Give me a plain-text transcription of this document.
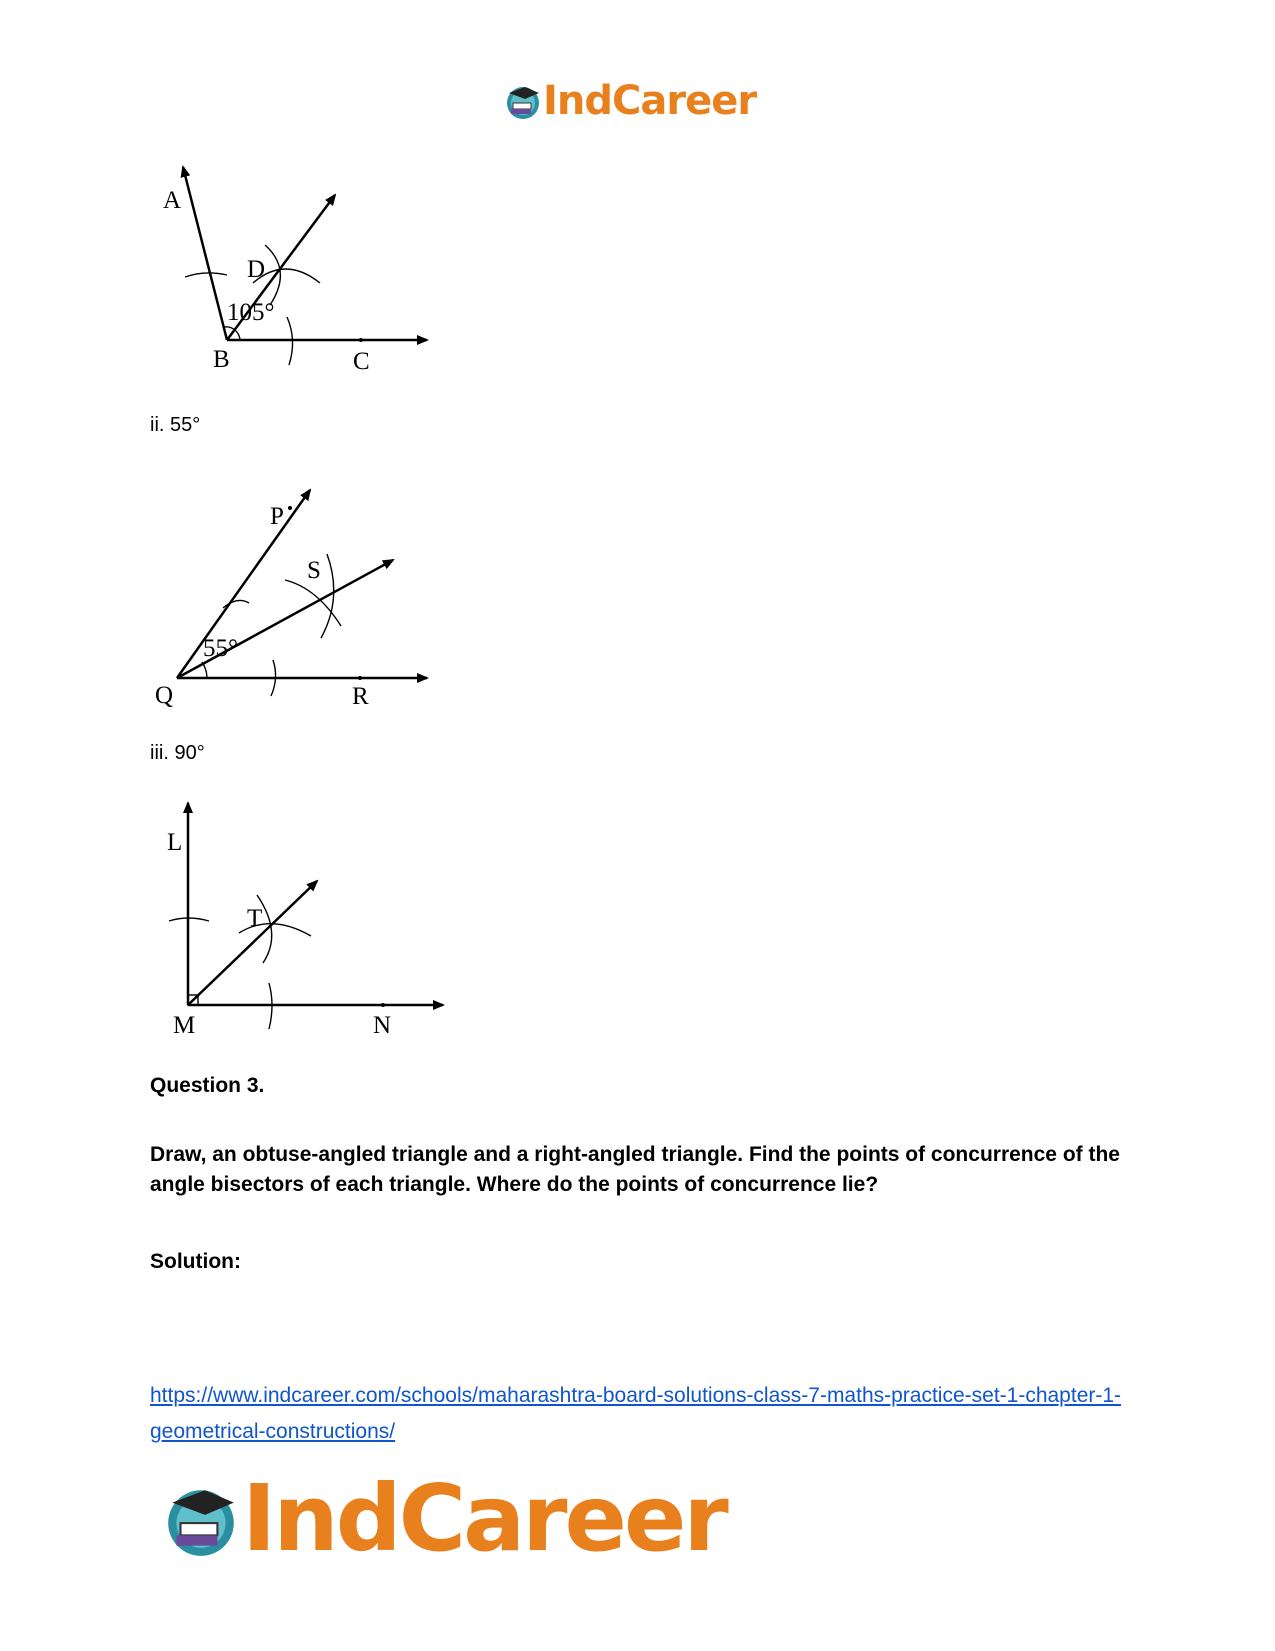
IndCareer
A
D
105°
B	C
ii. 55°
P
S
55°
Q	R
iii. 90°
L
T
M	N
Question 3.
Draw, an obtuse-angled triangle and a right-angled triangle. Find the points of concurrence of the angle bisectors of each triangle. Where do the points of concurrence lie?
Solution:
https://www.indcareer.com/schools/maharashtra-board-solutions-class-7-maths-practice-set-1-chapter-1-geometrical-constructions/
IndCareer
